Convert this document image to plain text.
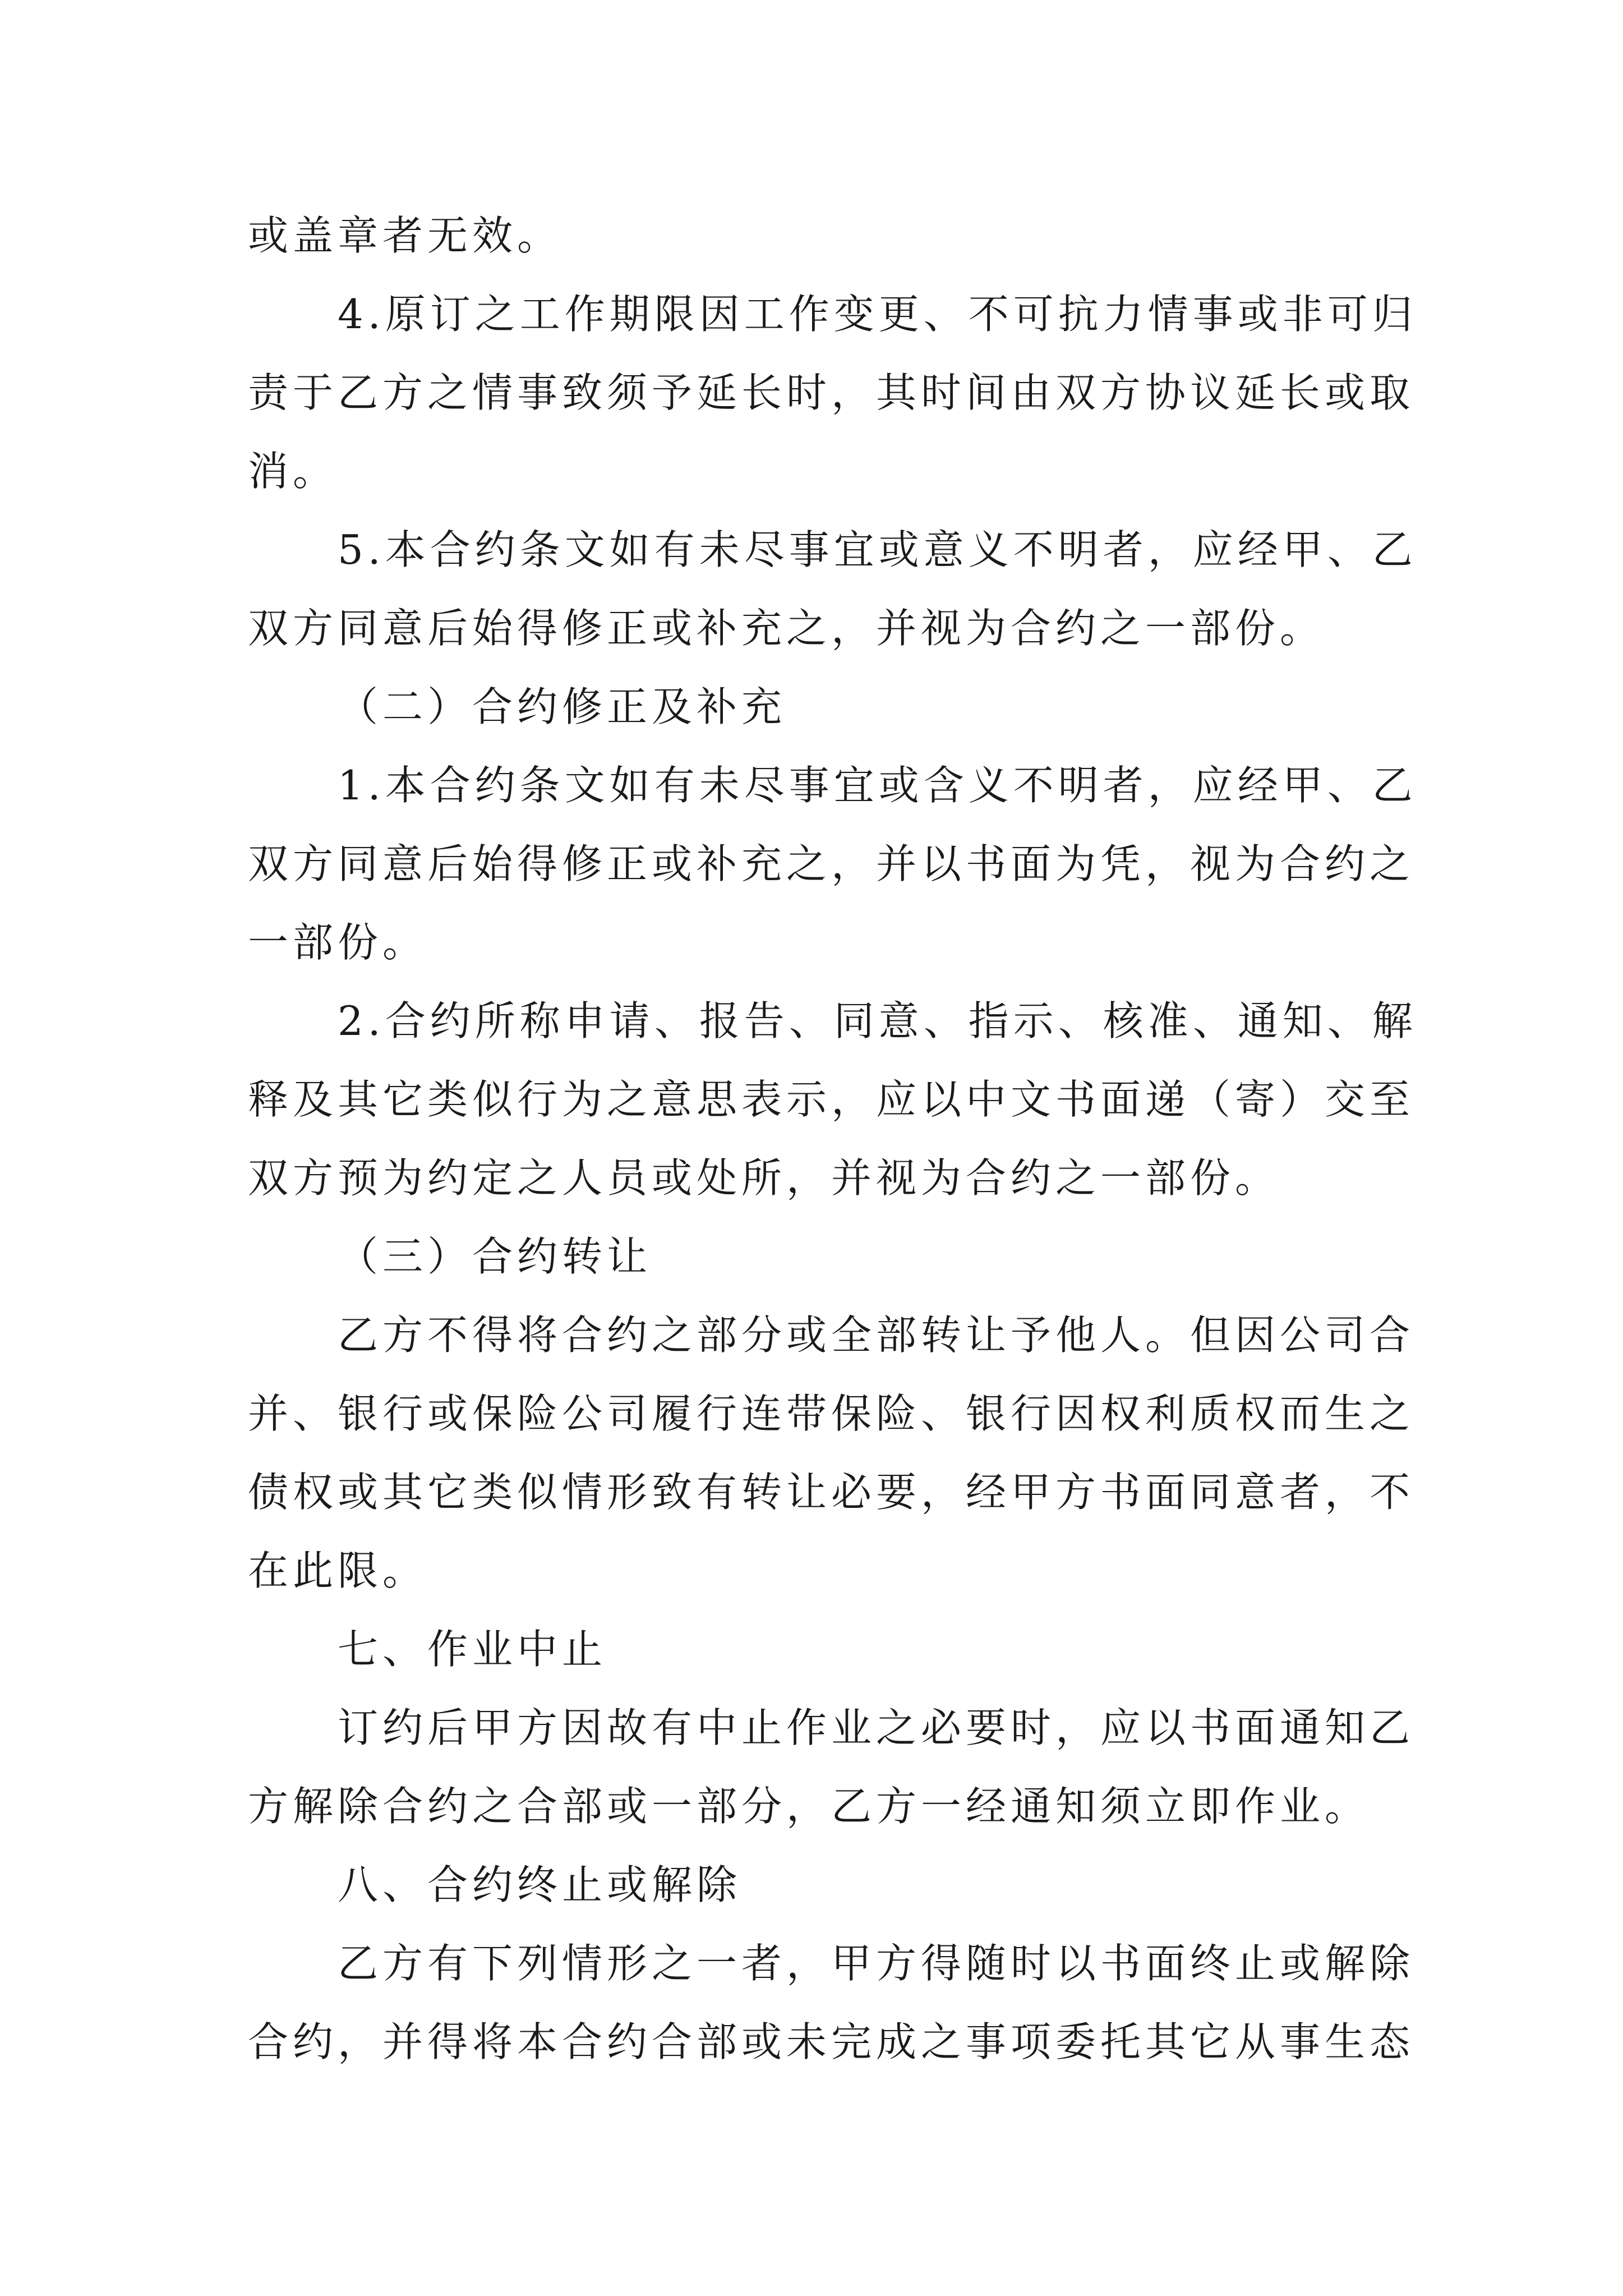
或盖章者无效。
4.原订之工作期限因工作变更、不可抗力情事或非可归
责于乙方之情事致须予延长时，其时间由双方协议延长或取
消。
5.本合约条文如有未尽事宜或意义不明者，应经甲、乙
双方同意后始得修正或补充之，并视为合约之一部份。
（二）合约修正及补充
1.本合约条文如有未尽事宜或含义不明者，应经甲、乙
双方同意后始得修正或补充之，并以书面为凭，视为合约之
一部份。
2.合约所称申请、报告、同意、指示、核准、通知、解
释及其它类似行为之意思表示，应以中文书面递（寄）交至
双方预为约定之人员或处所，并视为合约之一部份。
（三）合约转让
乙方不得将合约之部分或全部转让予他人。但因公司合
并、银行或保险公司履行连带保险、银行因权利质权而生之
债权或其它类似情形致有转让必要，经甲方书面同意者，不
在此限。
七、作业中止
订约后甲方因故有中止作业之必要时，应以书面通知乙
方解除合约之合部或一部分，乙方一经通知须立即作业。
八、合约终止或解除
乙方有下列情形之一者，甲方得随时以书面终止或解除
合约，并得将本合约合部或未完成之事项委托其它从事生态
